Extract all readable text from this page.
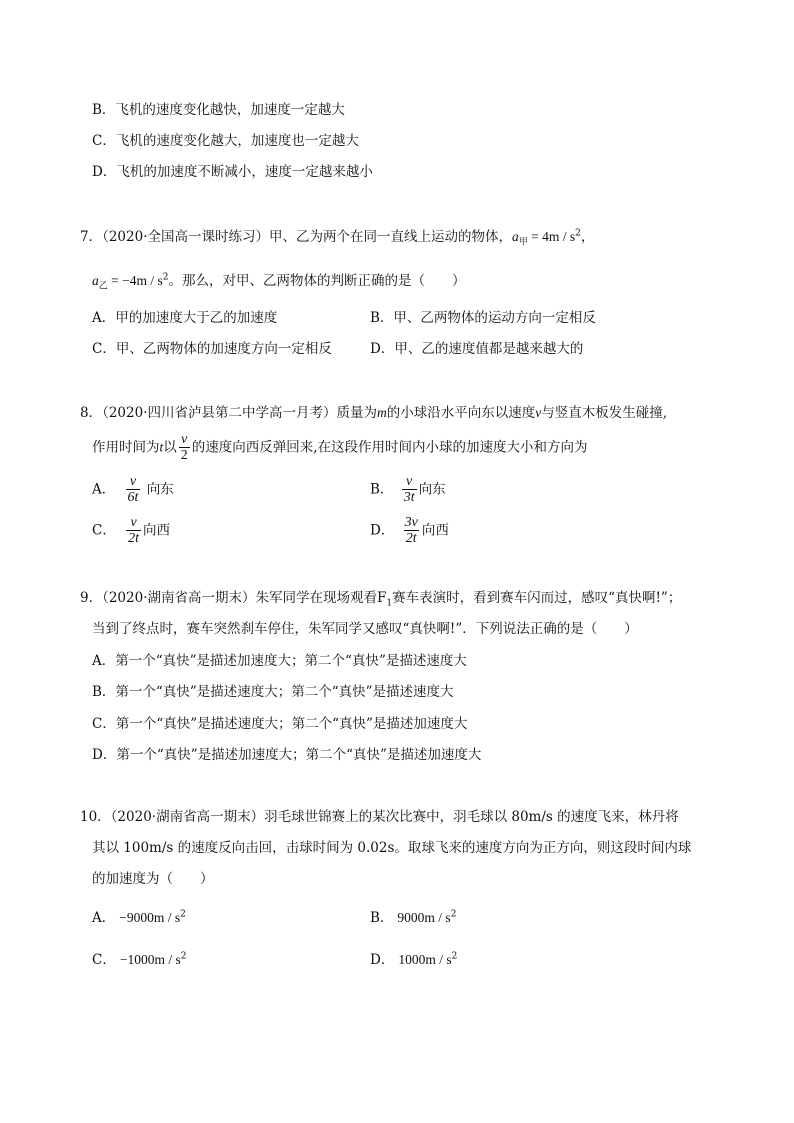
B．飞机的速度变化越快，加速度一定越大
C．飞机的速度变化越大，加速度也一定越大
D．飞机的加速度不断减小，速度一定越来越小
7．（2020·全国高一课时练习）甲、乙为两个在同一直线上运动的物体，$a_甲 = 4m / s^2$，
$a_乙 = -4m / s^2$。那么，对甲、乙两物体的判断正确的是（　　）
A．甲的加速度大于乙的加速度	B．甲、乙两物体的运动方向一定相反
C．甲、乙两物体的加速度方向一定相反	D．甲、乙的速度值都是越来越大的
8．（2020·四川省泸县第二中学高一月考）质量为m的小球沿水平向东以速度v与竖直木板发生碰撞,
作用时间为t以 $\frac{v}{2}$ 的速度向西反弹回来,在这段作用时间内小球的加速度大小和方向为
A． $\frac{v}{6t}$ 向东	B． $\frac{v}{3t}$ 向东
C． $\frac{v}{2t}$ 向西	D． $\frac{3v}{2t}$ 向西
9．（2020·湖南省高一期末）朱军同学在现场观看$F_1$赛车表演时，看到赛车闪而过，感叹“真快啊!”；
当到了终点时，赛车突然刹车停住，朱军同学又感叹“真快啊!”．下列说法正确的是（　　）
A．第一个“真快”是描述加速度大；第二个“真快”是描述速度大
B．第一个“真快”是描述速度大；第二个“真快”是描述速度大
C．第一个“真快”是描述速度大；第二个“真快”是描述加速度大
D．第一个“真快”是描述加速度大；第二个“真快”是描述加速度大
10．（2020·湖南省高一期末）羽毛球世锦赛上的某次比赛中，羽毛球以 80m/s 的速度飞来，林丹将
其以 100m/s 的速度反向击回，击球时间为 0.02s。取球飞来的速度方向为正方向，则这段时间内球
的加速度为（　　）
A． $-9000m / s^2$	B． $9000m / s^2$
C． $-1000m / s^2$	D． $1000m / s^2$
